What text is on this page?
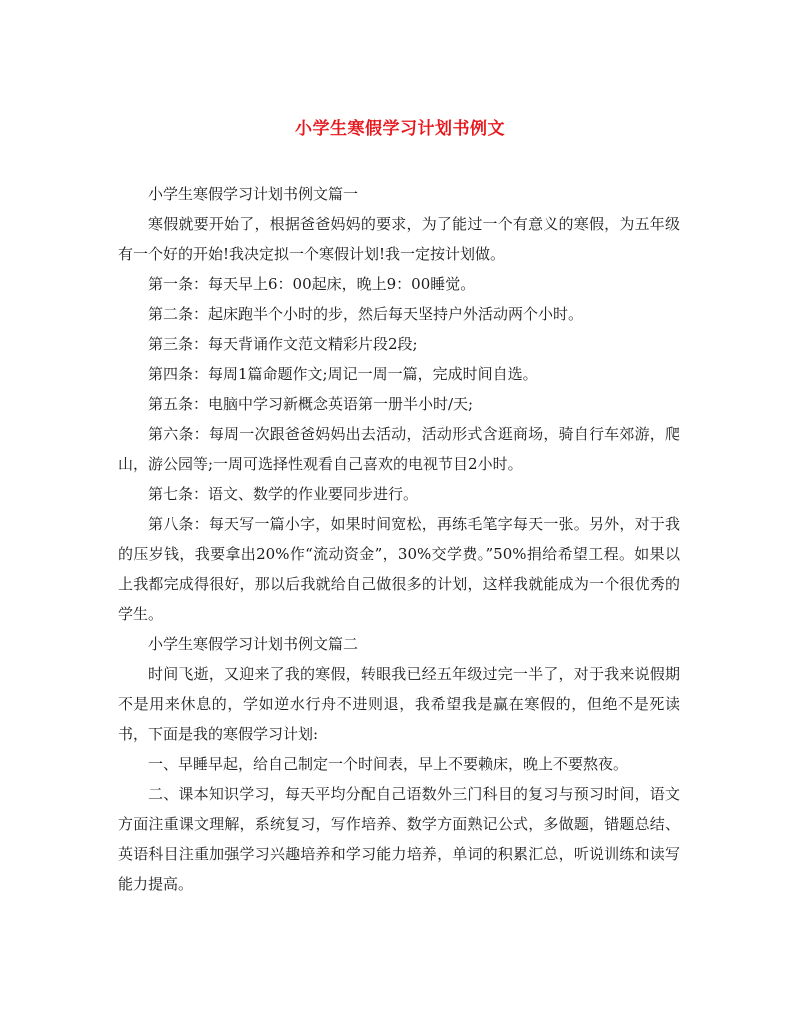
小学生寒假学习计划书例文

小学生寒假学习计划书例文篇一

寒假就要开始了，根据爸爸妈妈的要求，为了能过一个有意义的寒假，为五年级有一个好的开始!我决定拟一个寒假计划!我一定按计划做。

第一条：每天早上6：00起床，晚上9：00睡觉。

第二条：起床跑半个小时的步，然后每天坚持户外活动两个小时。

第三条：每天背诵作文范文精彩片段2段;

第四条：每周1篇命题作文;周记一周一篇，完成时间自选。

第五条：电脑中学习新概念英语第一册半小时/天;

第六条：每周一次跟爸爸妈妈出去活动，活动形式含逛商场，骑自行车郊游，爬山，游公园等;一周可选择性观看自己喜欢的电视节目2小时。

第七条：语文、数学的作业要同步进行。

第八条：每天写一篇小字，如果时间宽松，再练毛笔字每天一张。另外，对于我的压岁钱，我要拿出20%作“流动资金”，30%交学费。”50%捐给希望工程。如果以上我都完成得很好，那以后我就给自己做很多的计划，这样我就能成为一个很优秀的学生。

小学生寒假学习计划书例文篇二

时间飞逝，又迎来了我的寒假，转眼我已经五年级过完一半了，对于我来说假期不是用来休息的，学如逆水行舟不进则退，我希望我是赢在寒假的，但绝不是死读书，下面是我的寒假学习计划:

一、早睡早起，给自己制定一个时间表，早上不要赖床，晚上不要熬夜。

二、课本知识学习，每天平均分配自己语数外三门科目的复习与预习时间，语文方面注重课文理解，系统复习，写作培养、数学方面熟记公式，多做题，错题总结、英语科目注重加强学习兴趣培养和学习能力培养，单词的积累汇总，听说训练和读写能力提高。
